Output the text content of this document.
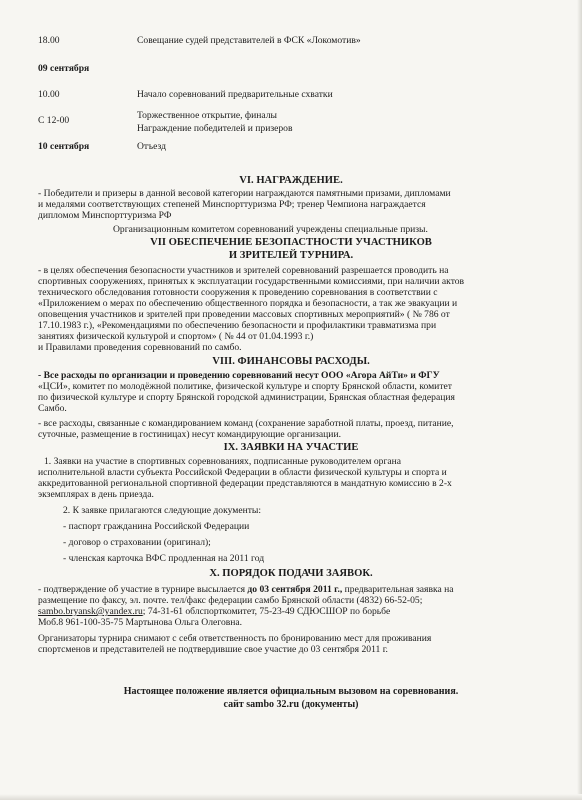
18.00	Совещание судей представителей в ФСК «Локомотив»
09 сентября
10.00	Начало соревнований предварительные схватки
С 12-00	Торжественное открытие, финалы
Награждение победителей и призеров
10 сентября	Отъезд
VI. НАГРАЖДЕНИЕ.
- Победители и призеры в данной весовой категории награждаются памятными призами, дипломами
и медалями соответствующих степеней Минспорттуризма РФ; тренер Чемпиона награждается
дипломом Минспорттуризма РФ
Организационным комитетом соревнований учреждены специальные призы.
VII ОБЕСПЕЧЕНИЕ БЕЗОПАСТНОСТИ УЧАСТНИКОВ
И ЗРИТЕЛЕЙ ТУРНИРА.
- в целях обеспечения безопасности участников и зрителей соревнований разрешается проводить на
спортивных сооружениях, принятых к эксплуатации государственными комиссиями, при наличии актов
технического обследования готовности сооружения к проведению соревнования в соответствии с
«Приложением о мерах по обеспечению общественного порядка и безопасности, а так же эвакуации и
оповещения участников и зрителей при проведении массовых спортивных мероприятий» ( № 786 от
17.10.1983 г.), «Рекомендациями по обеспечению безопасности и профилактики травматизма при
занятиях физической культурой и спортом» ( № 44 от 01.04.1993 г.)
и Правилами проведения соревнований по самбо.
VIII. ФИНАНСОВЫ РАСХОДЫ.
- Все расходы по организации и проведению соревнований несут ООО «Агора АйТи» и ФГУ
«ЦСИ», комитет по молодёжной политике, физической культуре и спорту Брянской области, комитет
по физической культуре и спорту Брянской городской администрации, Брянская областная федерация
Самбо.
- все расходы, связанные с командированием команд (сохранение заработной платы, проезд, питание,
суточные, размещение в гостиницах) несут командирующие организации.
IX. ЗАЯВКИ НА УЧАСТИЕ
1. Заявки на участие в спортивных соревнованиях, подписанные руководителем органа
исполнительной власти субъекта Российской Федерации в области физической культуры и спорта и
аккредитованной региональной спортивной федерации представляются в мандатную комиссию в 2-х
экземплярах в день приезда.
2. К заявке прилагаются следующие документы:
- паспорт гражданина Российской Федерации
- договор о страховании (оригинал);
- членская карточка ВФС продленная на 2011 год
X. ПОРЯДОК ПОДАЧИ ЗАЯВОК.
- подтверждение об участие в турнире высылается до 03 сентября 2011 г., предварительная заявка на
размещение по факсу, эл. почте. тел/факс федерации самбо Брянской области (4832) 66-52-05;
sambo.bryansk@yandex.ru; 74-31-61 облспорткомитет, 75-23-49 СДЮСШОР по борьбе
Моб.8 961-100-35-75 Мартынова Ольга Олеговна.
Организаторы турнира снимают с себя ответственность по бронированию мест для проживания
спортсменов и представителей не подтвердившие свое участие до 03 сентября 2011 г.
Настоящее положение является официальным вызовом на соревнования.
сайт sambo 32.ru (документы)
